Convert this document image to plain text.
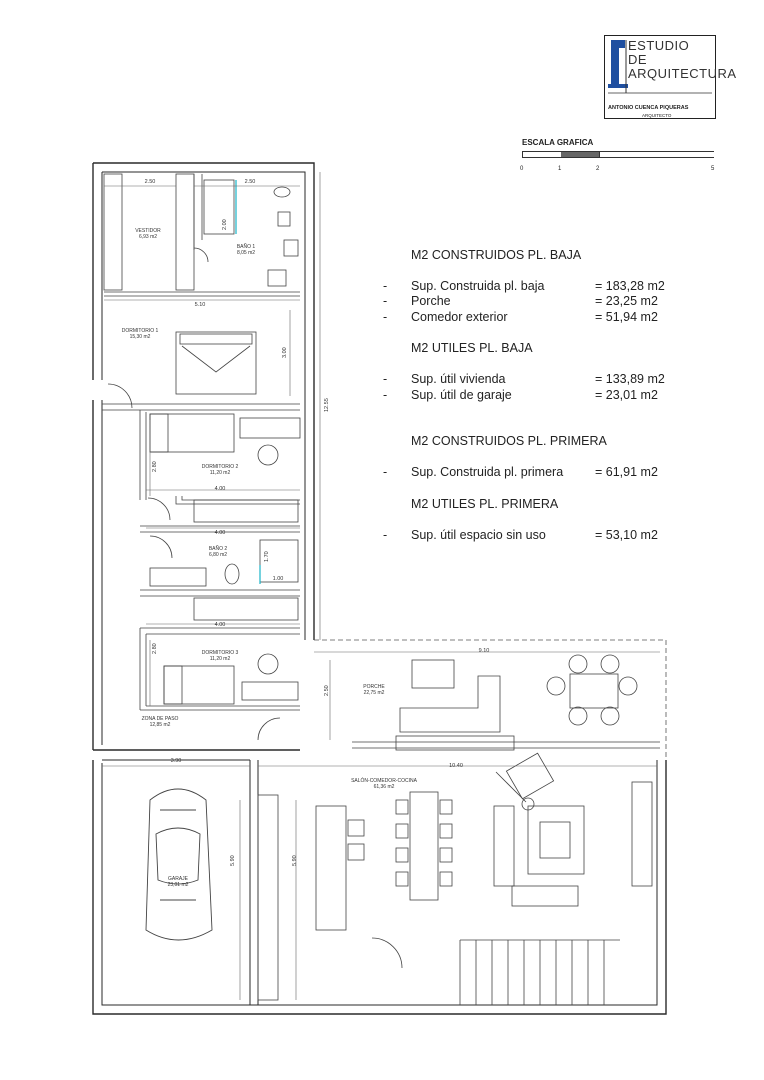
ESTUDIO
DE
ARQUITECTURA
ANTONIO CUENCA PIQUERAS
ARQUITECTO
ESCALA GRAFICA
0	1	2	5
M2 CONSTRUIDOS PL. BAJA
- Sup. Construida pl. baja	= 183,28 m2
- Porche	= 23,25 m2
- Comedor exterior	= 51,94 m2
M2 UTILES PL. BAJA
- Sup. útil vivienda	= 133,89 m2
- Sup. útil de garaje	= 23,01 m2
M2 CONSTRUIDOS PL. PRIMERA
- Sup. Construida pl. primera	= 61,91 m2
M2 UTILES PL. PRIMERA
- Sup. útil espacio sin uso	= 53,10 m2
VESTIDOR
6,93 m2
BAÑO 1
8,05 m2
DORMITORIO 1
15,30 m2
DORMITORIO 2
11,20 m2
BAÑO 2
6,80 m2
DORMITORIO 3
11,20 m2
ZONA DE PASO
12,85 m2
PORCHE
22,75 m2
SALÓN-COMEDOR-COCINA
61,36 m2
GARAJE
23,01 m2
2.50	2.50
5.10
3.00
12.55
2.80
4.00
4.00
1.70
1.00
4.00
2.80	9.10
2.50
3.90
10.40
5.90	5.90
2.00
